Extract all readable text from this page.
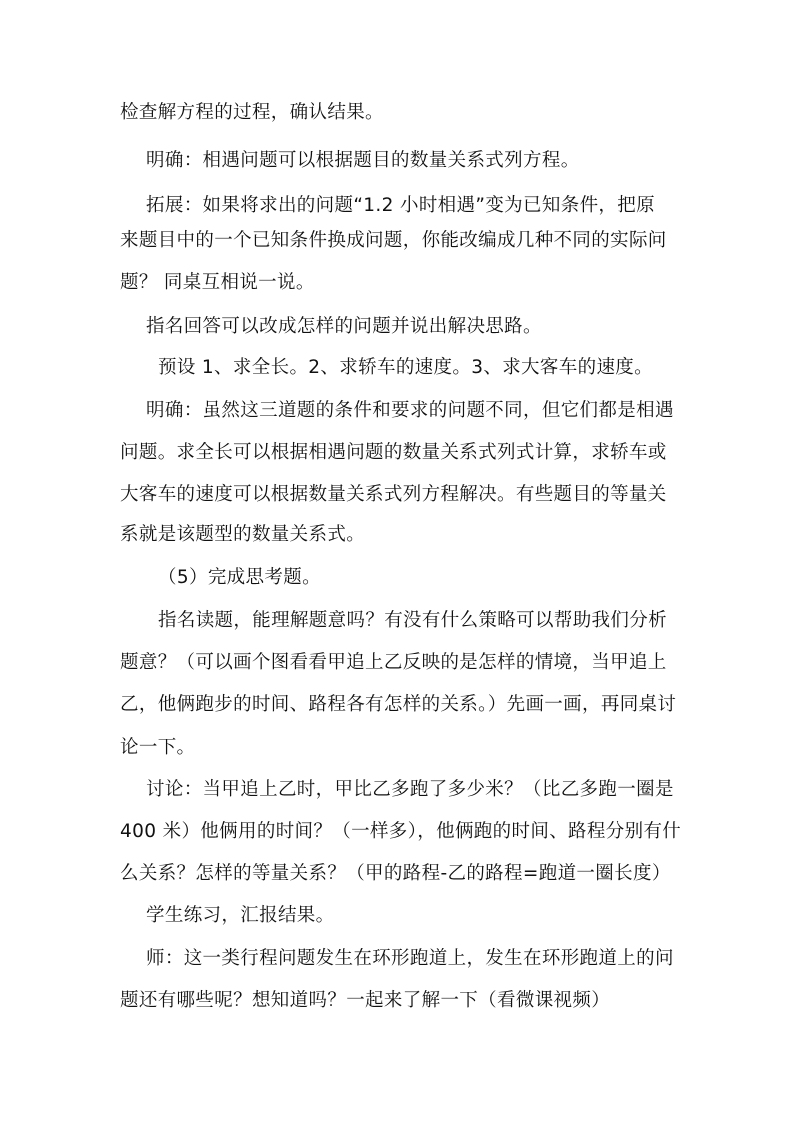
检查解方程的过程，确认结果。

明确：相遇问题可以根据题目的数量关系式列方程。

拓展：如果将求出的问题“1.2 小时相遇”变为已知条件，把原

来题目中的一个已知条件换成问题，你能改编成几种不同的实际问

题？ 同桌互相说一说。

指名回答可以改成怎样的问题并说出解决思路。

预设 1、求全长。2、求轿车的速度。3、求大客车的速度。

明确：虽然这三道题的条件和要求的问题不同，但它们都是相遇

问题。求全长可以根据相遇问题的数量关系式列式计算，求轿车或

大客车的速度可以根据数量关系式列方程解决。有些题目的等量关

系就是该题型的数量关系式。

（5）完成思考题。

指名读题，能理解题意吗？有没有什么策略可以帮助我们分析

题意？（可以画个图看看甲追上乙反映的是怎样的情境，当甲追上

乙，他俩跑步的时间、路程各有怎样的关系。）先画一画，再同桌讨

论一下。

讨论：当甲追上乙时，甲比乙多跑了多少米？（比乙多跑一圈是

400 米）他俩用的时间？（一样多），他俩跑的时间、路程分别有什

么关系？怎样的等量关系？（甲的路程-乙的路程=跑道一圈长度）

学生练习，汇报结果。

师：这一类行程问题发生在环形跑道上，发生在环形跑道上的问

题还有哪些呢？想知道吗？一起来了解一下（看微课视频）
